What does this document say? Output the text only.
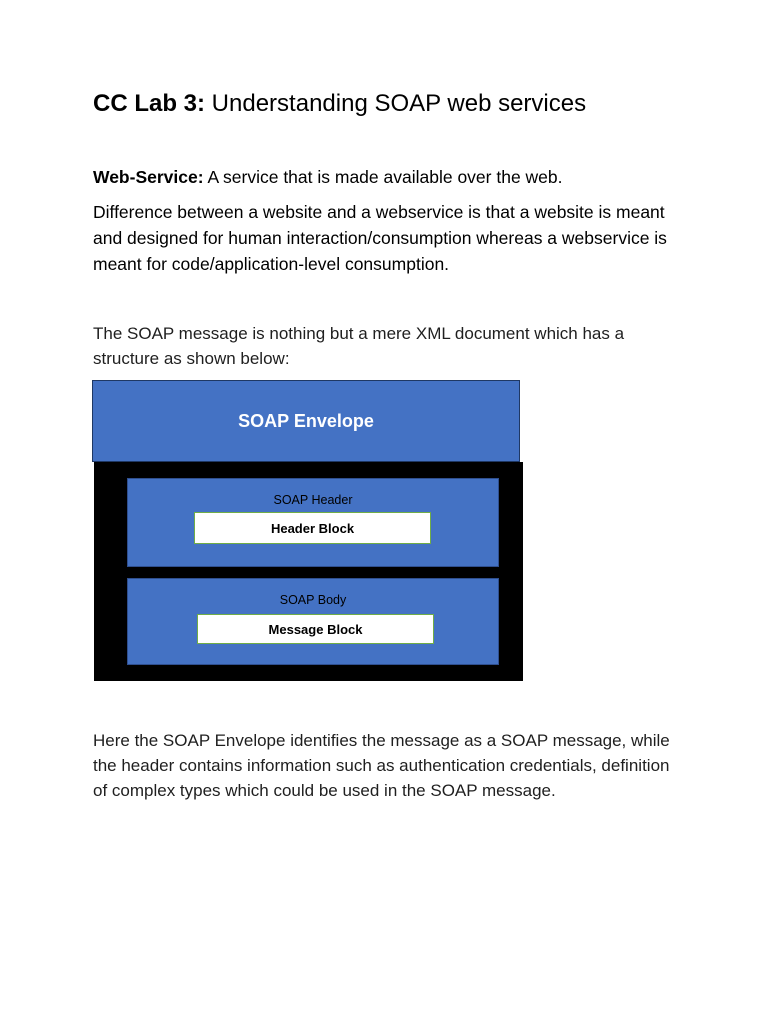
CC Lab 3: Understanding SOAP web services

Web-Service: A service that is made available over the web.

Difference between a website and a webservice is that a website is meant and designed for human interaction/consumption whereas a webservice is meant for code/application-level consumption.

The SOAP message is nothing but a mere XML document which has a structure as shown below:

SOAP Envelope
SOAP Header
Header Block
SOAP Body
Message Block

Here the SOAP Envelope identifies the message as a SOAP message, while the header contains information such as authentication credentials, definition of complex types which could be used in the SOAP message.
